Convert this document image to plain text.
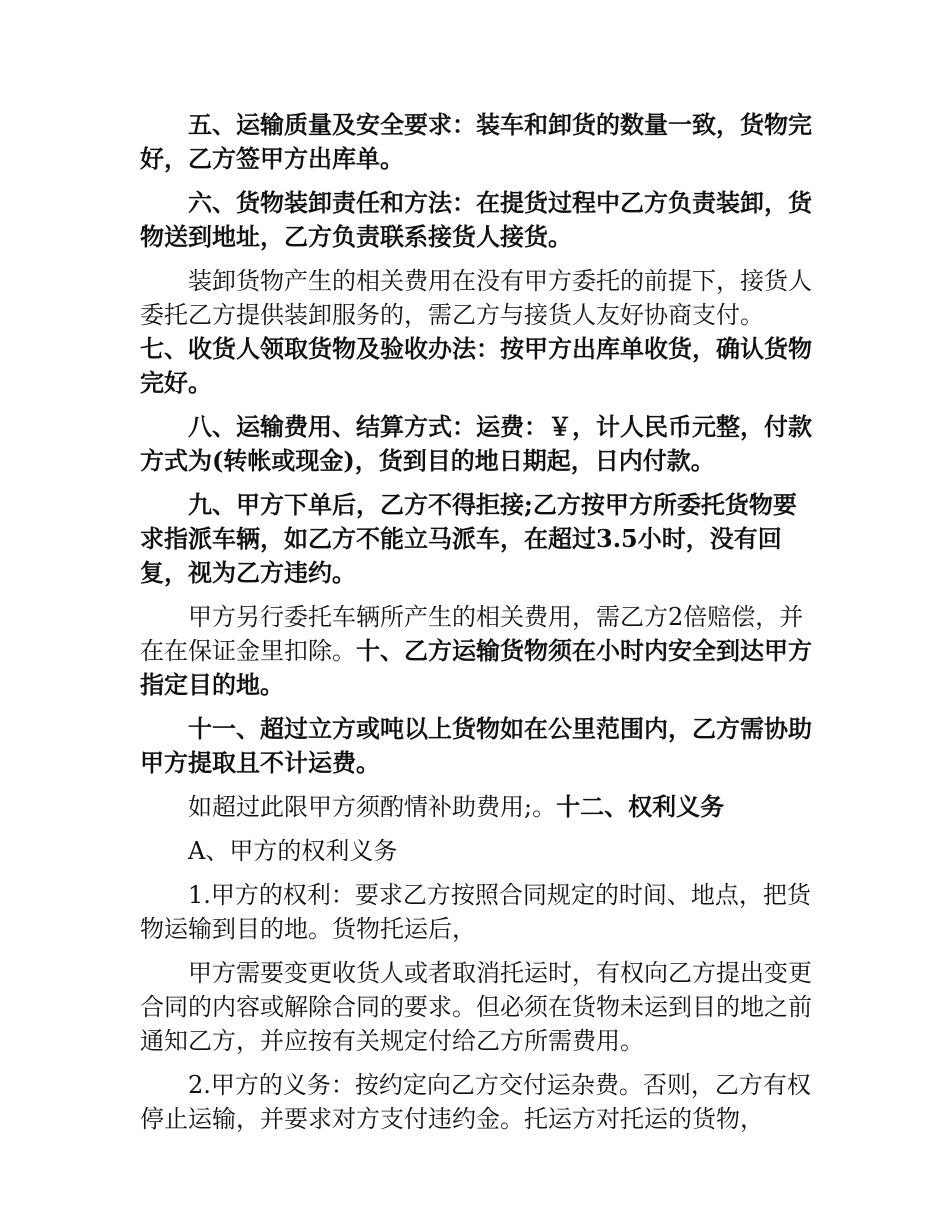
五、运输质量及安全要求：装车和卸货的数量一致，货物完好，乙方签甲方出库单。

六、货物装卸责任和方法：在提货过程中乙方负责装卸，货物送到地址，乙方负责联系接货人接货。

装卸货物产生的相关费用在没有甲方委托的前提下，接货人委托乙方提供装卸服务的，需乙方与接货人友好协商支付。

七、收货人领取货物及验收办法：按甲方出库单收货，确认货物完好。

八、运输费用、结算方式：运费：￥，计人民币元整，付款方式为(转帐或现金)，货到目的地日期起，日内付款。

九、甲方下单后，乙方不得拒接;乙方按甲方所委托货物要求指派车辆，如乙方不能立马派车，在超过3.5小时，没有回复，视为乙方违约。

甲方另行委托车辆所产生的相关费用，需乙方2倍赔偿，并在在保证金里扣除。十、乙方运输货物须在小时内安全到达甲方指定目的地。

十一、超过立方或吨以上货物如在公里范围内，乙方需协助甲方提取且不计运费。

如超过此限甲方须酌情补助费用;。十二、权利义务

A、甲方的权利义务

1.甲方的权利：要求乙方按照合同规定的时间、地点，把货物运输到目的地。货物托运后，

甲方需要变更收货人或者取消托运时，有权向乙方提出变更合同的内容或解除合同的要求。但必须在货物未运到目的地之前通知乙方，并应按有关规定付给乙方所需费用。

2.甲方的义务：按约定向乙方交付运杂费。否则，乙方有权停止运输，并要求对方支付违约金。托运方对托运的货物，
